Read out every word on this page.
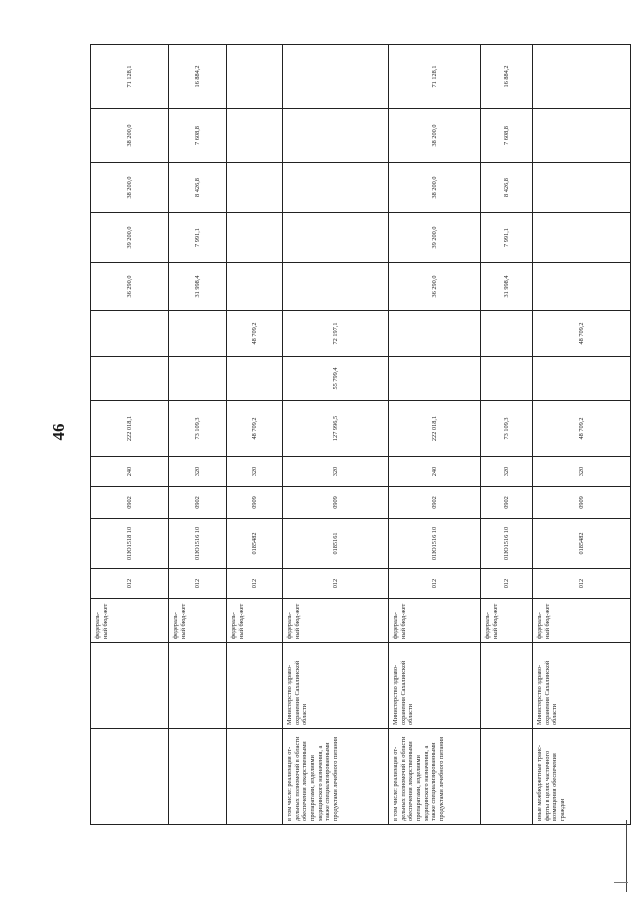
46
		федераль-ный бюд-жет	012	01Ю1518 10	0902	240	222 018,1			36 290,0	39 200,0	38 200,0	38 200,0	71 128,1
		федераль-ный бюд-жет	012	01Ю1516 10	0902	320	73 109,3			31 998,4	7 991,1	8 426,8	7 608,8	16 884,2
		федераль-ный бюд-жет	012	0185482	0909	320	48 709,2		48 709,2					
в том числе: реализация от-дельных полномочий в области обеспечения лекарственными препаратами, изделиями медицинского назначения, а также специализированными продуктами лечебного питания	Министерство здраво-охранения Сахалинской области	федераль-ный бюд-жет	012	0185161	0909	320	127 996,5	55 799,4	72 197,1					
в том числе: реализация от-дельных полномочий в области обеспечения лекарственными препаратами, изделиями медицинского назначения, а также специализированными продуктами лечебного питания	Министерство здраво-охранения Сахалинской области	федераль-ный бюд-жет	012	01Ю1516 10	0902	240	222 018,1			36 290,0	39 200,0	38 200,0	38 200,0	71 128,1
		федераль-ный бюд-жет	012	01Ю1516 10	0902	320	73 109,3			31 998,4	7 991,1	8 426,8	7 608,8	16 884,2
иные межбюджетные транс-ферты в целях частичного возмещения обеспечения граждан	Министерство здраво-охранения Сахалинской области	федераль-ный бюд-жет	012	0185482	0909	320	48 709,2		48 709,2					
